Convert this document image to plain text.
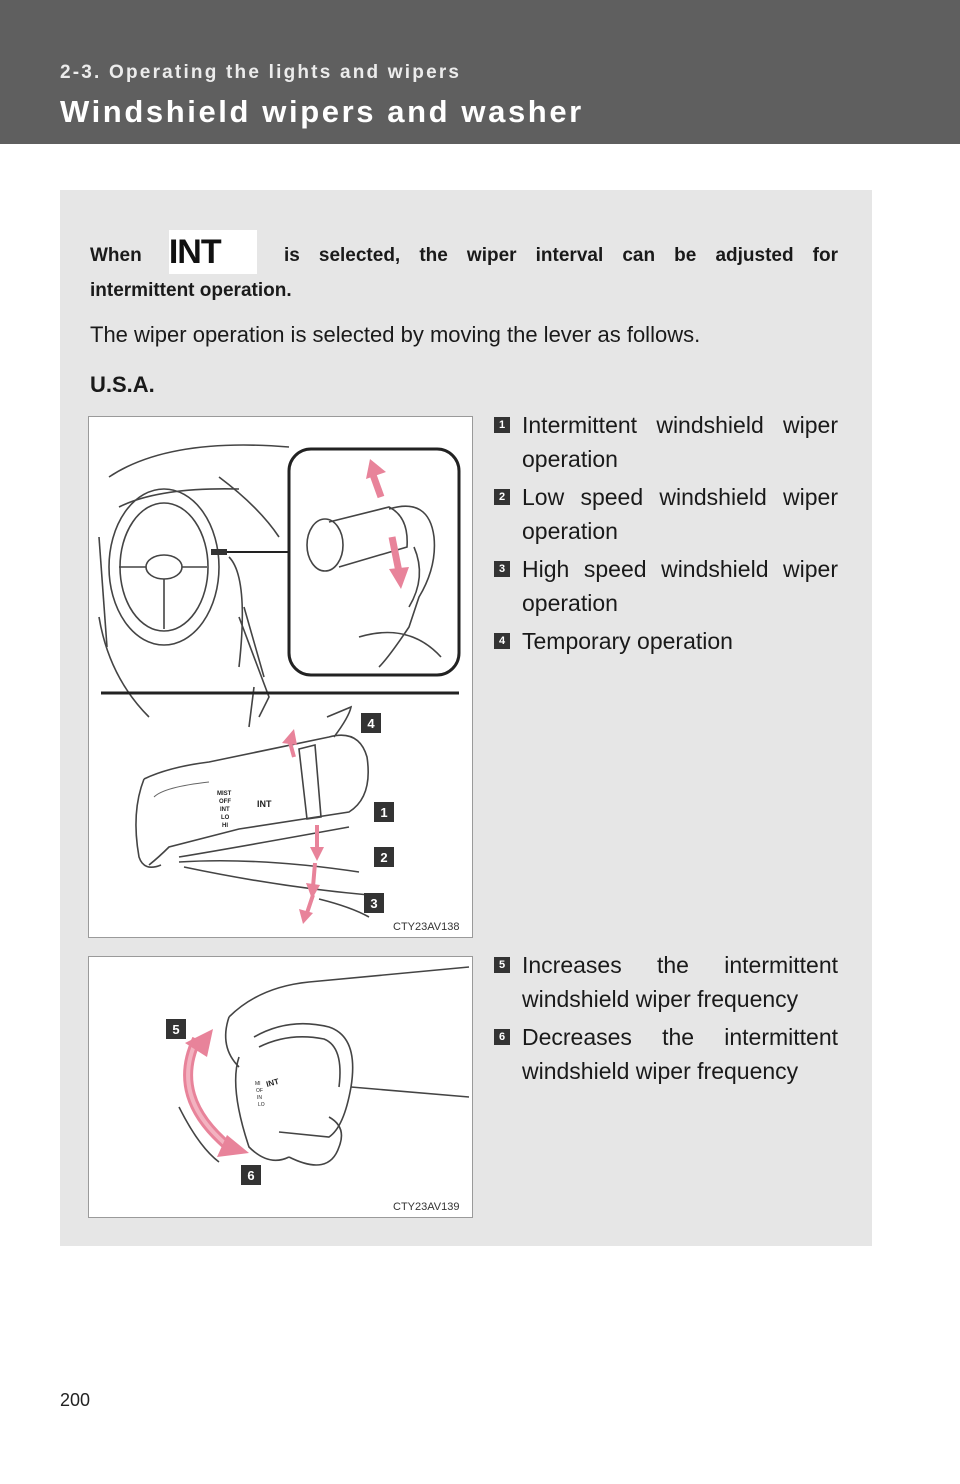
2-3. Operating the lights and wipers
Windshield wipers and washer
When INT	is selected, the wiper interval can be adjusted for
intermittent operation.
The wiper operation is selected by moving the lever as follows.
U.S.A.
MIST
OFF
INT
LO
HI
INT
4
1
2
3
CTY23AV138
1 Intermittent windshield wiper operation
2 Low speed windshield wiper operation
3 High speed windshield wiper operation
4 Temporary operation
MI
OF
IN
LO
INT
5
6
CTY23AV139
5 Increases the intermittent windshield wiper frequency
6 Decreases the intermittent windshield wiper frequency
200
